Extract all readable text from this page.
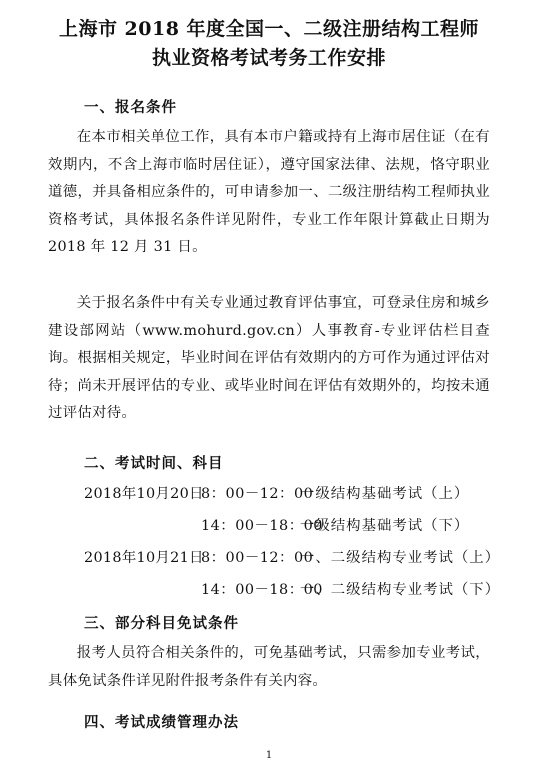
上海市 2018 年度全国一、二级注册结构工程师
执业资格考试考务工作安排
一、报名条件
在本市相关单位工作，具有本市户籍或持有上海市居住证（在有效期内，不含上海市临时居住证），遵守国家法律、法规，恪守职业道德，并具备相应条件的，可申请参加一、二级注册结构工程师执业资格考试，具体报名条件详见附件，专业工作年限计算截止日期为 2018 年 12 月 31 日。
关于报名条件中有关专业通过教育评估事宜，可登录住房和城乡建设部网站（www.mohurd.gov.cn）人事教育-专业评估栏目查询。根据相关规定，毕业时间在评估有效期内的方可作为通过评估对待；尚未开展评估的专业、或毕业时间在评估有效期外的，均按未通过评估对待。
二、考试时间、科目
2018年10月20日
8：00－12：00
一级结构基础考试（上）
14：00－18：00
一级结构基础考试（下）
2018年10月21日
8：00－12：00
一、二级结构专业考试（上）
14：00－18：00
一、二级结构专业考试（下）
三、部分科目免试条件
报考人员符合相关条件的，可免基础考试，只需参加专业考试，具体免试条件详见附件报考条件有关内容。
四、考试成绩管理办法
1
